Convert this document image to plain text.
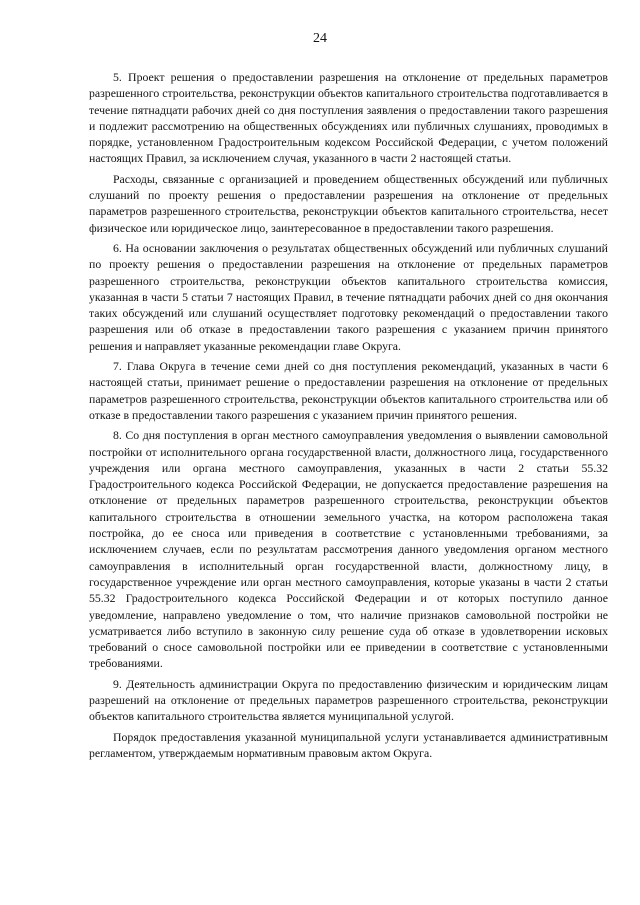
24

5. Проект решения о предоставлении разрешения на отклонение от предельных параметров разрешенного строительства, реконструкции объектов капитального строительства подготавливается в течение пятнадцати рабочих дней со дня поступления заявления о предоставлении такого разрешения и подлежит рассмотрению на общественных обсуждениях или публичных слушаниях, проводимых в порядке, установленном Градостроительным кодексом Российской Федерации, с учетом положений настоящих Правил, за исключением случая, указанного в части 2 настоящей статьи.

Расходы, связанные с организацией и проведением общественных обсуждений или публичных слушаний по проекту решения о предоставлении разрешения на отклонение от предельных параметров разрешенного строительства, реконструкции объектов капитального строительства, несет физическое или юридическое лицо, заинтересованное в предоставлении такого разрешения.

6. На основании заключения о результатах общественных обсуждений или публичных слушаний по проекту решения о предоставлении разрешения на отклонение от предельных параметров разрешенного строительства, реконструкции объектов капитального строительства комиссия, указанная в части 5 статьи 7 настоящих Правил, в течение пятнадцати рабочих дней со дня окончания таких обсуждений или слушаний осуществляет подготовку рекомендаций о предоставлении такого разрешения или об отказе в предоставлении такого разрешения с указанием причин принятого решения и направляет указанные рекомендации главе Округа.

7. Глава Округа в течение семи дней со дня поступления рекомендаций, указанных в части 6 настоящей статьи, принимает решение о предоставлении разрешения на отклонение от предельных параметров разрешенного строительства, реконструкции объектов капитального строительства или об отказе в предоставлении такого разрешения с указанием причин принятого решения.

8. Со дня поступления в орган местного самоуправления уведомления о выявлении самовольной постройки от исполнительного органа государственной власти, должностного лица, государственного учреждения или органа местного самоуправления, указанных в части 2 статьи 55.32 Градостроительного кодекса Российской Федерации, не допускается предоставление разрешения на отклонение от предельных параметров разрешенного строительства, реконструкции объектов капитального строительства в отношении земельного участка, на котором расположена такая постройка, до ее сноса или приведения в соответствие с установленными требованиями, за исключением случаев, если по результатам рассмотрения данного уведомления органом местного самоуправления в исполнительный орган государственной власти, должностному лицу, в государственное учреждение или орган местного самоуправления, которые указаны в части 2 статьи 55.32 Градостроительного кодекса Российской Федерации и от которых поступило данное уведомление, направлено уведомление о том, что наличие признаков самовольной постройки не усматривается либо вступило в законную силу решение суда об отказе в удовлетворении исковых требований о сносе самовольной постройки или ее приведении в соответствие с установленными требованиями.

9. Деятельность администрации Округа по предоставлению физическим и юридическим лицам разрешений на отклонение от предельных параметров разрешенного строительства, реконструкции объектов капитального строительства является муниципальной услугой.

Порядок предоставления указанной муниципальной услуги устанавливается административным регламентом, утверждаемым нормативным правовым актом Округа.
